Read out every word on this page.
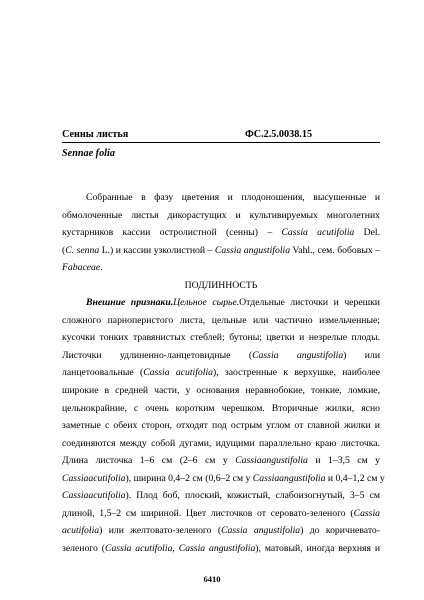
Сенны листья	ФС.2.5.0038.15
Sennae folia
Собранные в фазу цветения и плодоношения, высушенные и
обмолоченные листья дикорастущих и культивируемых многолетних
кустарников кассии остролистной (сенны) – Cassia acutifolia Del.
(C. senna L.) и кассии узколистной – Cassia angustifolia Vahl., сем. бобовых –
Fabaceae.
ПОДЛИННОСТЬ
Внешние признаки.Цельное сырье.Отдельные листочки и черешки
сложного парноперистого листа, цельные или частично измельченные;
кусочки тонких травянистых стеблей; бутоны; цветки и незрелые плоды.
Листочки удлиненно-ланцетовидные (Cassia angustifolia) или
ланцетоовальные (Cassia acutifolia), заостренные к верхушке, наиболее
широкие в средней части, у основания неравнобокие, тонкие, ломкие,
цельнокрайние, с очень коротким черешком. Вторичные жилки, ясно
заметные с обеих сторон, отходят под острым углом от главной жилки и
соединяются между собой дугами, идущими параллельно краю листочка.
Длина листочка 1–6 см (2–6 см у Cassiaangustifolia и 1–3,5 см у
Cassiaacutifolia), ширина 0,4–2 см (0,6–2 см у Cassiaangustifolia и 0,4–1,2 см у
Cassiaacutifolia). Плод боб, плоский, кожистый, слабоизогнутый, 3–5 см
длиной, 1,5–2 см шириной. Цвет листочков от серовато-зеленого (Cassia
acutifolia) или желтовато-зеленого (Cassia angustifolia) до коричневато-
зеленого (Cassia acutifolia, Cassia angustifolia), матовый, иногда верхняя и
6410
